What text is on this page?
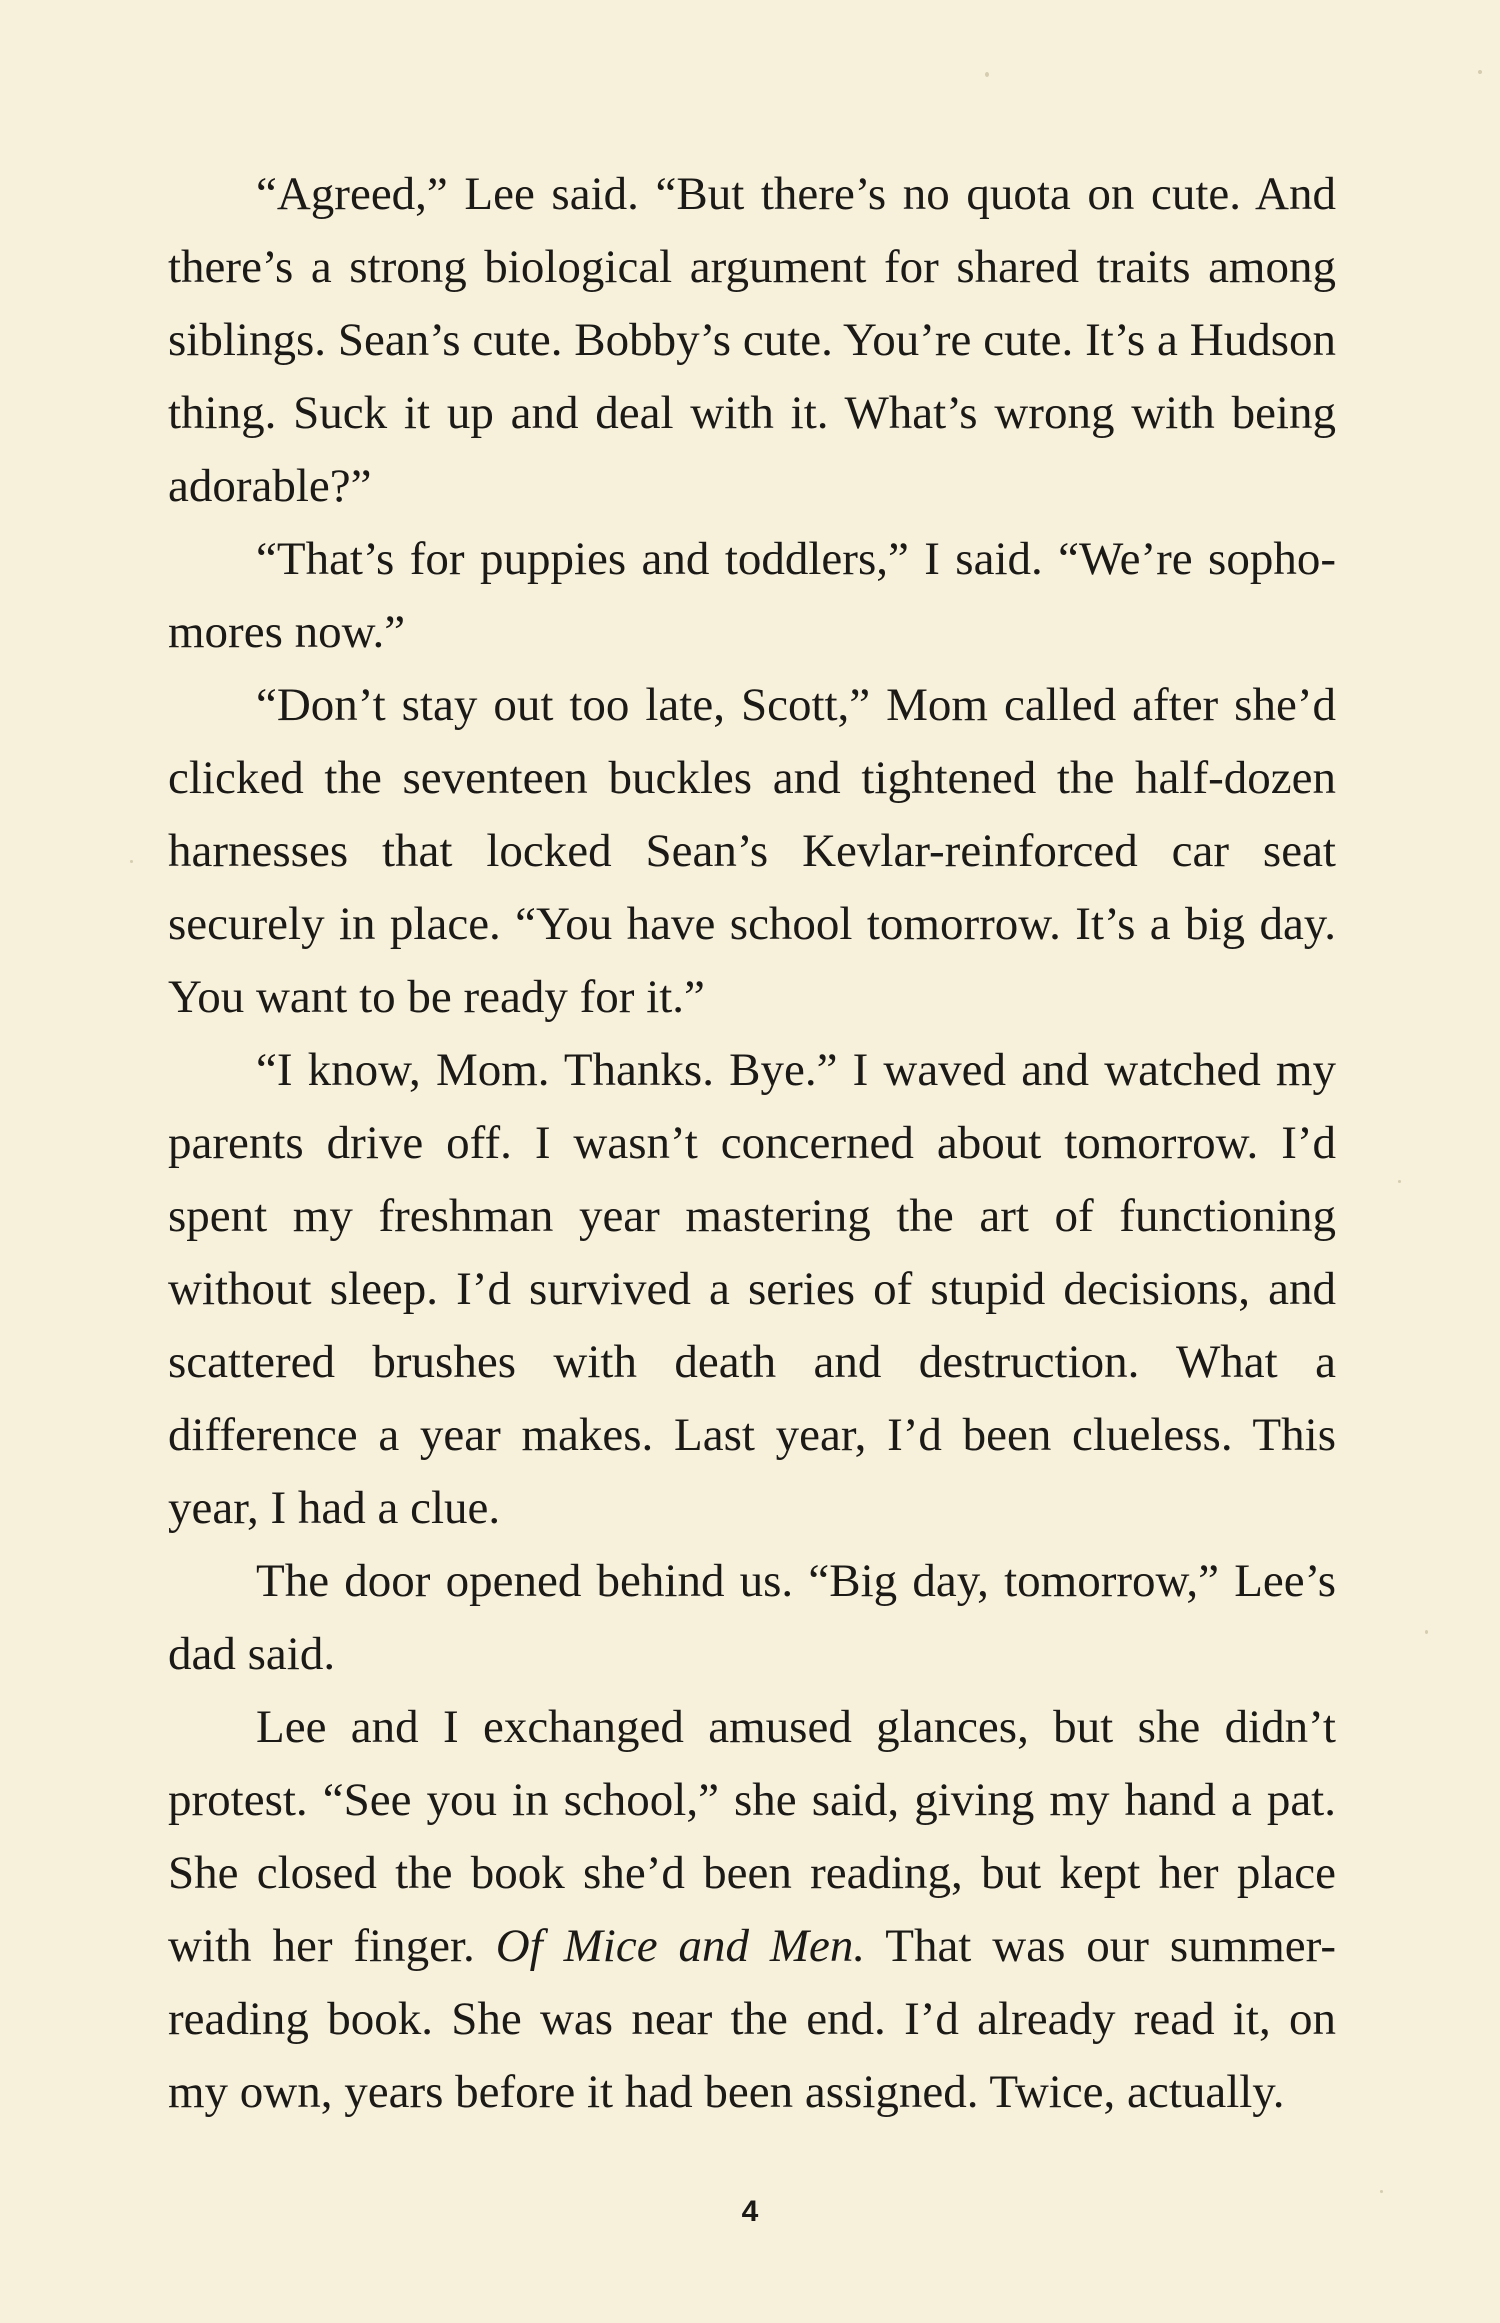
“Agreed,” Lee said. “But there’s no quota on cute. And there’s a strong biological argument for shared traits among siblings. Sean’s cute. Bobby’s cute. You’re cute. It’s a Hudson thing. Suck it up and deal with it. What’s wrong with being adorable?”

“That’s for puppies and toddlers,” I said. “We’re sopho-mores now.”

“Don’t stay out too late, Scott,” Mom called after she’d clicked the seventeen buckles and tightened the half-dozen harnesses that locked Sean’s Kevlar-reinforced car seat securely in place. “You have school tomorrow. It’s a big day. You want to be ready for it.”

“I know, Mom. Thanks. Bye.” I waved and watched my parents drive off. I wasn’t concerned about tomorrow. I’d spent my freshman year mastering the art of functioning without sleep. I’d survived a series of stupid decisions, and scattered brushes with death and destruction. What a difference a year makes. Last year, I’d been clueless. This year, I had a clue.

The door opened behind us. “Big day, tomorrow,” Lee’s dad said.

Lee and I exchanged amused glances, but she didn’t protest. “See you in school,” she said, giving my hand a pat. She closed the book she’d been reading, but kept her place with her finger. Of Mice and Men. That was our summer-reading book. She was near the end. I’d already read it, on my own, years before it had been assigned. Twice, actually.

4
